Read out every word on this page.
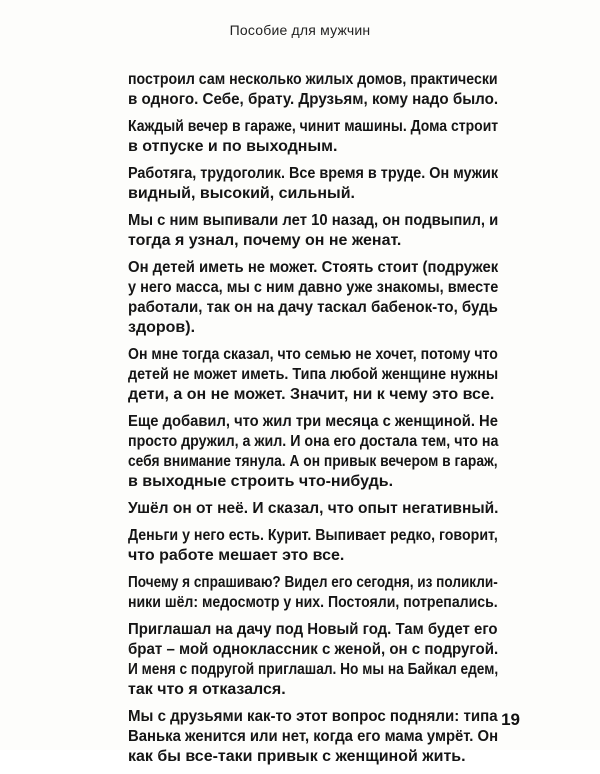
Пособие для мужчин

построил сам несколько жилых домов, практически
в одного. Себе, брату. Друзьям, кому надо было.

Каждый вечер в гараже, чинит машины. Дома строит
в отпуске и по выходным.

Работяга, трудоголик. Все время в труде. Он мужик
видный, высокий, сильный.

Мы с ним выпивали лет 10 назад, он подвыпил, и
тогда я узнал, почему он не женат.

Он детей иметь не может. Стоять стоит (подружек
у него масса, мы с ним давно уже знакомы, вместе
работали, так он на дачу таскал бабенок-то, будь
здоров).

Он мне тогда сказал, что семью не хочет, потому что
детей не может иметь. Типа любой женщине нужны
дети, а он не может. Значит, ни к чему это все.

Еще добавил, что жил три месяца с женщиной. Не
просто дружил, а жил. И она его достала тем, что на
себя внимание тянула. А он привык вечером в гараж,
в выходные строить что-нибудь.

Ушёл он от неё. И сказал, что опыт негативный.

Деньги у него есть. Курит. Выпивает редко, говорит,
что работе мешает это все.

Почему я спрашиваю? Видел его сегодня, из поликли-
ники шёл: медосмотр у них. Постояли, потрепались.

Приглашал на дачу под Новый год. Там будет его
брат – мой одноклассник с женой, он с подругой.
И меня с подругой приглашал. Но мы на Байкал едем,
так что я отказался.

Мы с друзьями как-то этот вопрос подняли: типа
Ванька женится или нет, когда его мама умрёт. Он
как бы все-таки привык с женщиной жить.

19
